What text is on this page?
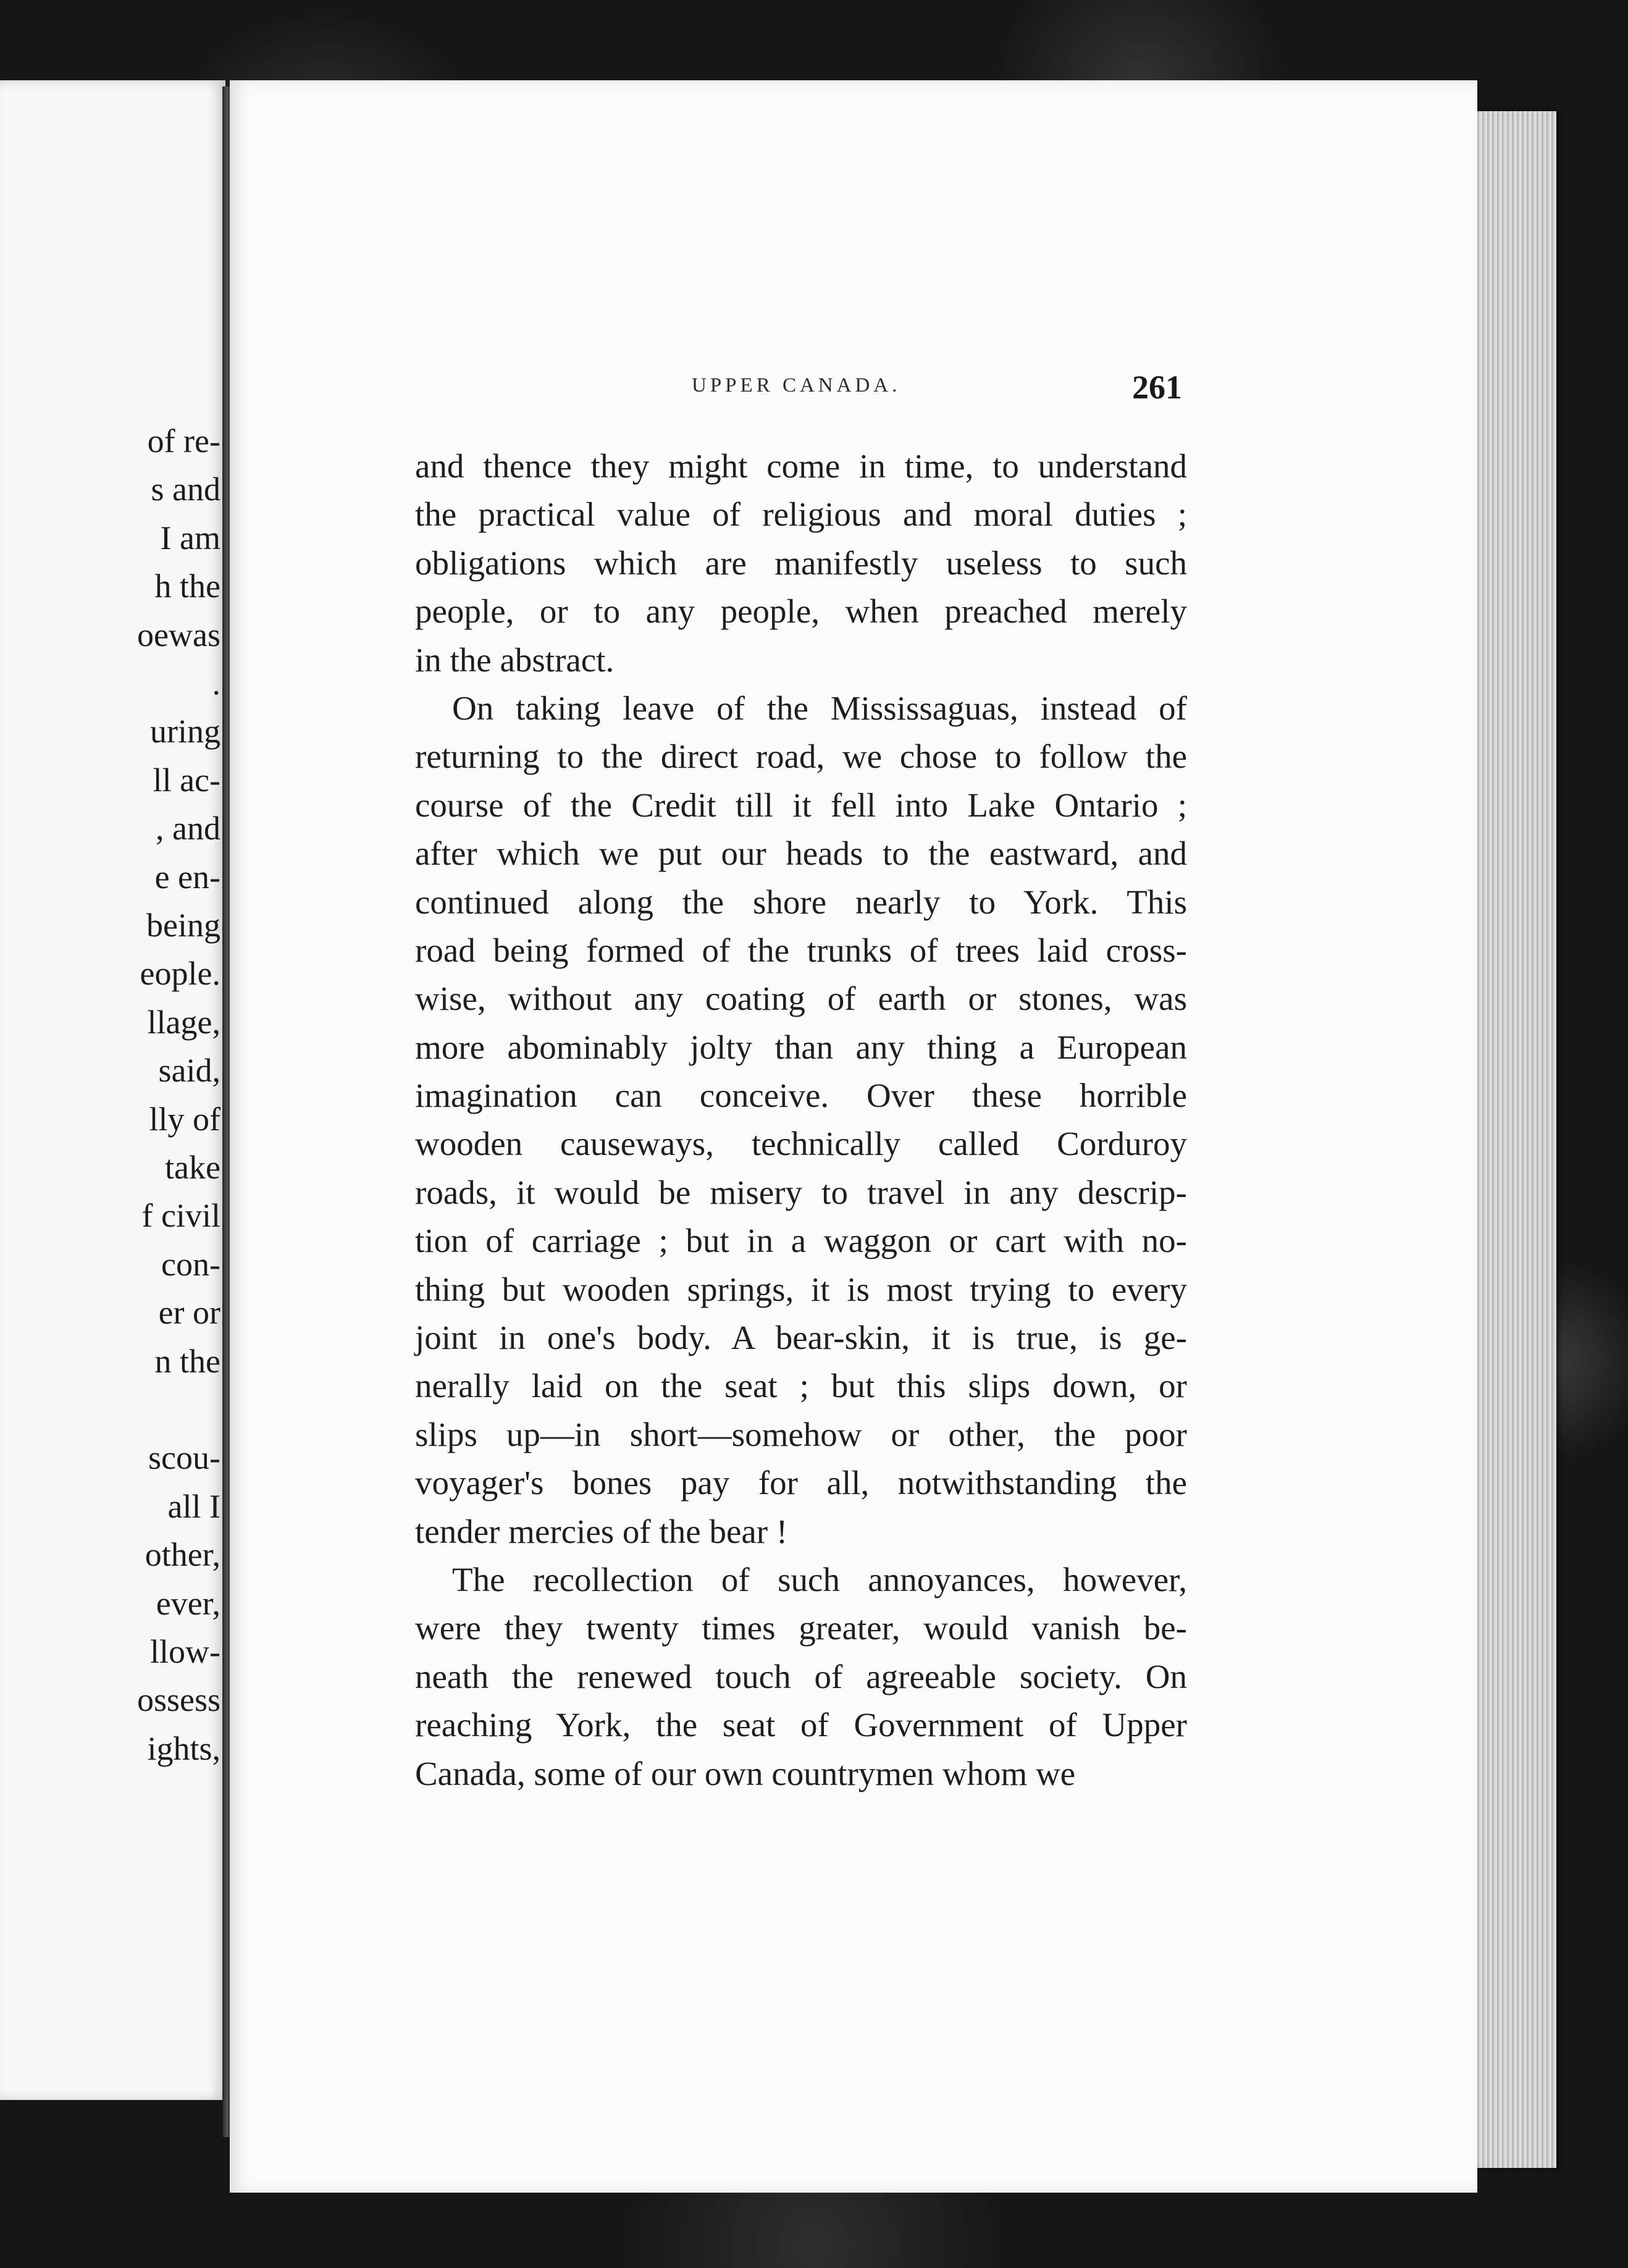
of re-

s and

I am

h the

oewas

.

uring

ll ac-

, and

e en-

being

eople.

llage,

said,

lly of

take

f civil

con-

er or

n the

scou-

all I

other,

ever,

llow-

ossess

ights,

UPPER CANADA.	261

and thence they might come in time, to understand

the practical value of religious and moral duties ;

obligations which are manifestly useless to such

people, or to any people, when preached merely

in the abstract.

On taking leave of the Mississaguas, instead of

returning to the direct road, we chose to follow the

course of the Credit till it fell into Lake Ontario ;

after which we put our heads to the eastward, and

continued along the shore nearly to York. This

road being formed of the trunks of trees laid cross-

wise, without any coating of earth or stones, was

more abominably jolty than any thing a European

imagination can conceive. Over these horrible

wooden causeways, technically called Corduroy

roads, it would be misery to travel in any descrip-

tion of carriage ; but in a waggon or cart with no-

thing but wooden springs, it is most trying to every

joint in one's body. A bear-skin, it is true, is ge-

nerally laid on the seat ; but this slips down, or

slips up—in short—somehow or other, the poor

voyager's bones pay for all, notwithstanding the

tender mercies of the bear !

The recollection of such annoyances, however,

were they twenty times greater, would vanish be-

neath the renewed touch of agreeable society. On

reaching York, the seat of Government of Upper

Canada, some of our own countrymen whom we
